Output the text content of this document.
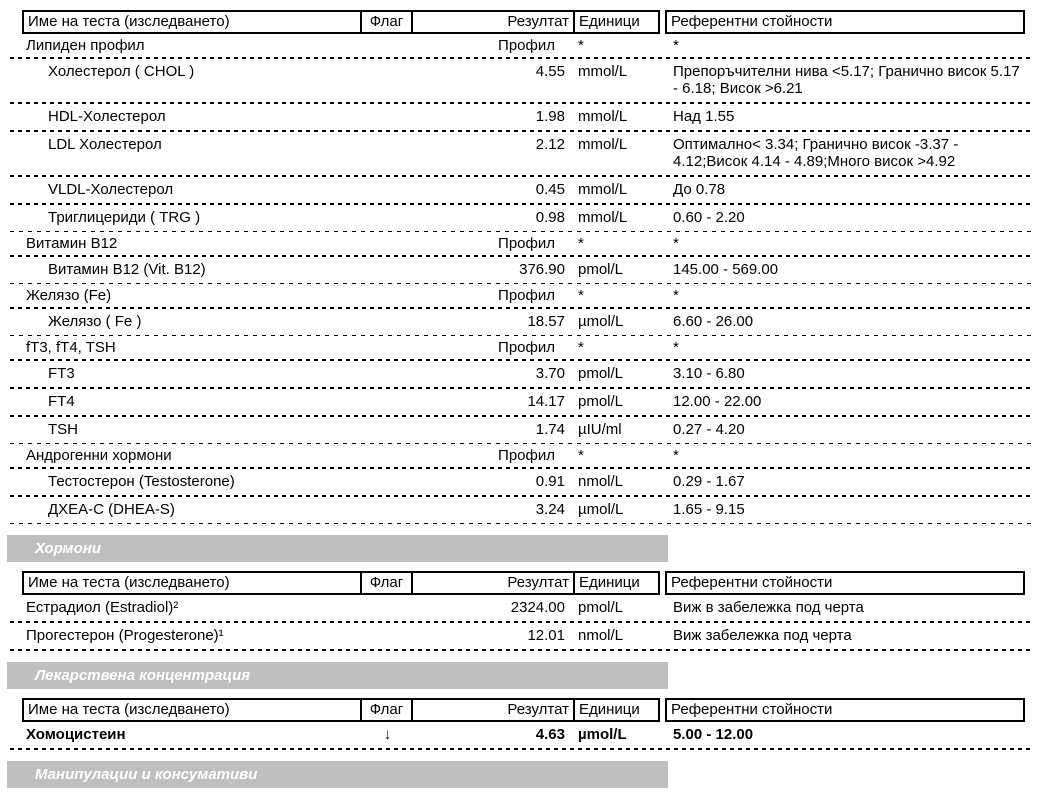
Име на теста (изследването)	Флаг	Резултат Единици	Референтни стойности
Липиден профил	Профил	*	*
Холестерол ( CHOL )	4.55 mmol/L	Препоръчителни нива <5.17; Гранично висок 5.17 - 6.18; Висок >6.21
HDL-Холестерол	1.98 mmol/L	Над 1.55
LDL Холестерол	2.12 mmol/L	Оптимално< 3.34; Гранично висок -3.37 - 4.12;Висок 4.14 - 4.89;Много висок >4.92
VLDL-Холестерол	0.45 mmol/L	До 0.78
Триглицериди ( TRG )	0.98 mmol/L	0.60 - 2.20
Витамин B12	Профил	*	*
Витамин B12 (Vit. B12)	376.90 pmol/L	145.00 - 569.00
Желязо (Fe)	Профил	*	*
Желязо ( Fe )	18.57 µmol/L	6.60 - 26.00
fT3, fT4, TSH	Профил	*	*
FT3	3.70 pmol/L	3.10 - 6.80
FT4	14.17 pmol/L	12.00 - 22.00
TSH	1.74 µIU/ml	0.27 - 4.20
Андрогенни хормони	Профил	*	*
Тестостерон (Testosterone)	0.91 nmol/L	0.29 - 1.67
ДХЕА-С (DHEA-S)	3.24 µmol/L	1.65 - 9.15
Хормони
Име на теста (изследването)	Флаг	Резултат Единици	Референтни стойности
Естрадиол (Estradiol)²	2324.00 pmol/L	Виж в забележка под черта
Прогестерон (Progesterone)¹	12.01 nmol/L	Виж забележка под черта
Лекарствена концентрация
Име на теста (изследването)	Флаг	Резултат Единици	Референтни стойности
Хомоцистеин	↓	4.63 µmol/L	5.00 - 12.00
Манипулации и консумативи
